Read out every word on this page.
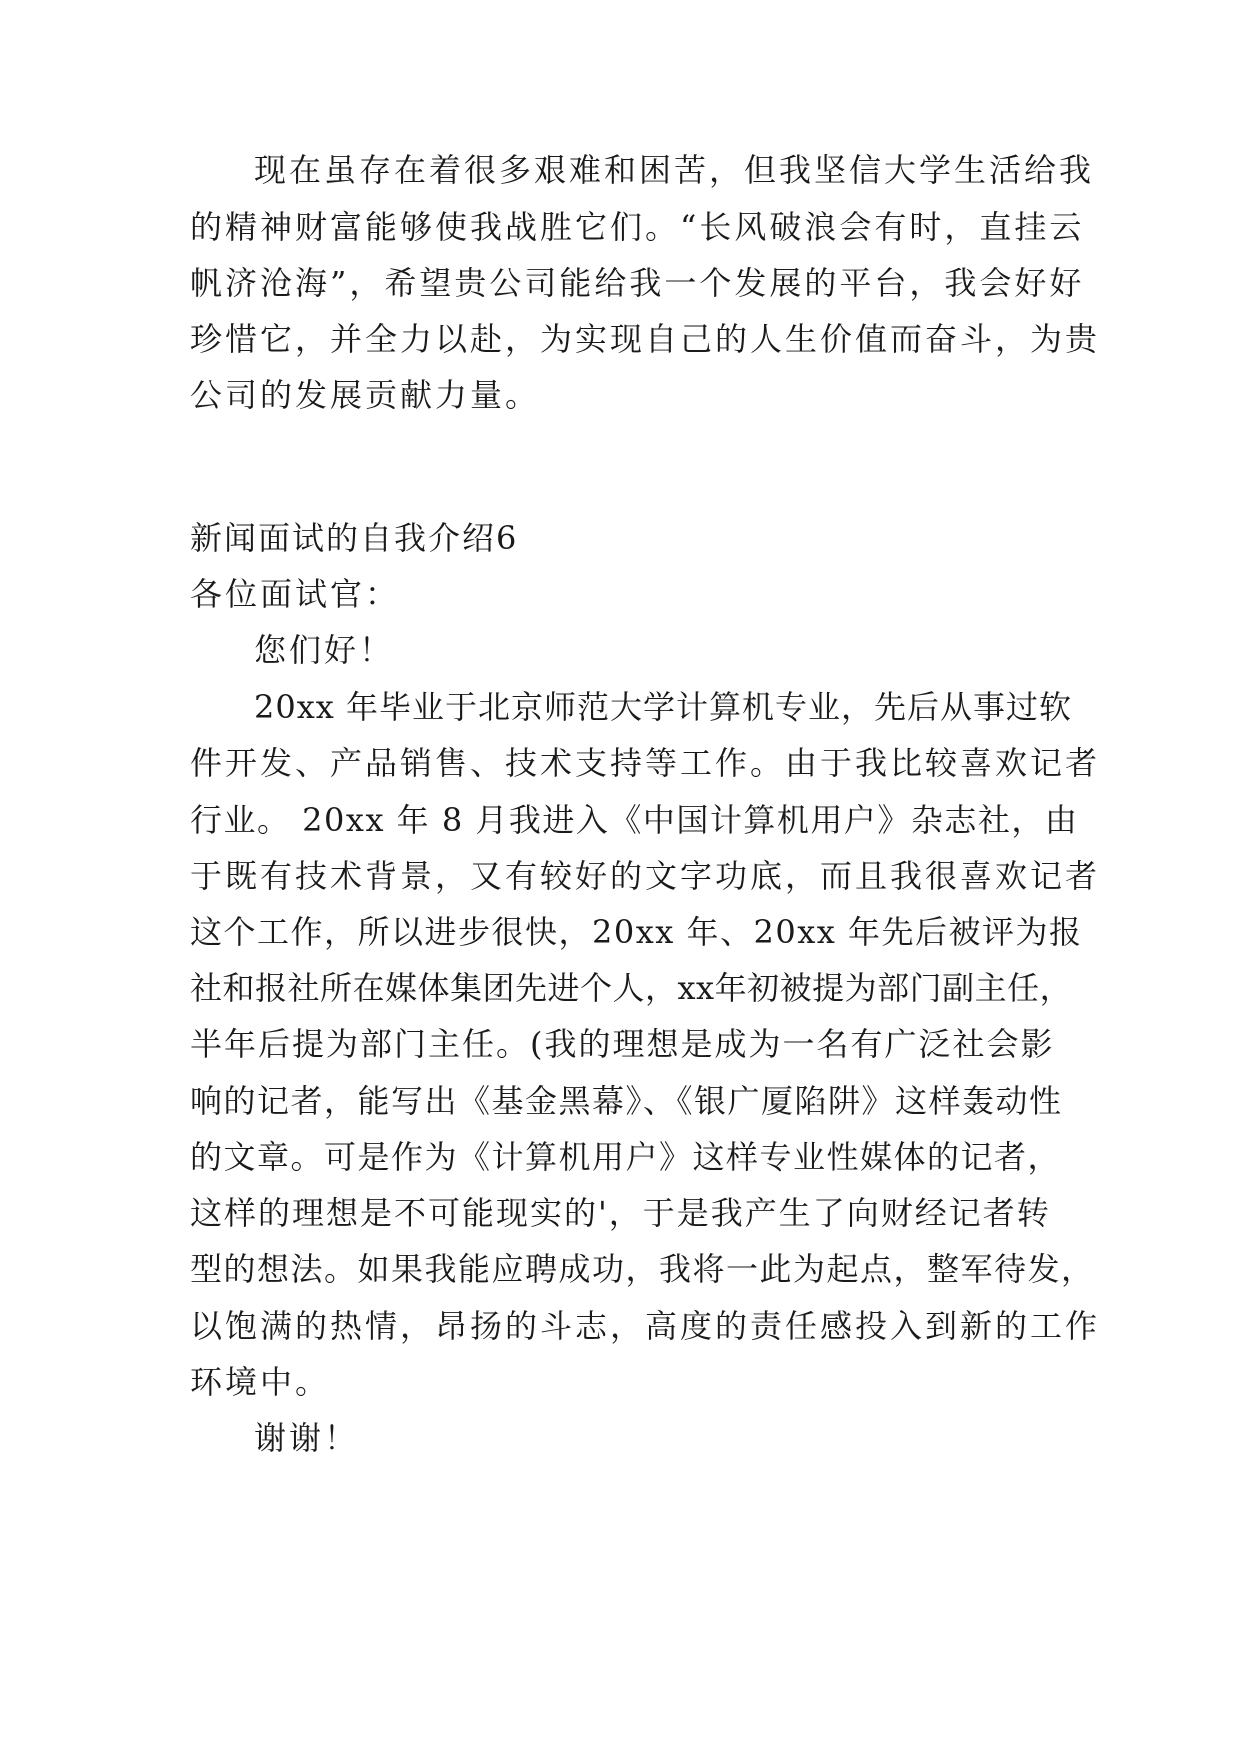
现在虽存在着很多艰难和困苦，但我坚信大学生活给我
的精神财富能够使我战胜它们。“长风破浪会有时，直挂云
帆济沧海”，希望贵公司能给我一个发展的平台，我会好好
珍惜它，并全力以赴，为实现自己的人生价值而奋斗，为贵
公司的发展贡献力量。
新闻面试的自我介绍6
各位面试官：
您们好！
20xx 年毕业于北京师范大学计算机专业，先后从事过软
件开发、产品销售、技术支持等工作。由于我比较喜欢记者
行业。 20xx 年 8 月我进入《中国计算机用户》杂志社，由
于既有技术背景，又有较好的文字功底，而且我很喜欢记者
这个工作，所以进步很快，20xx 年、20xx 年先后被评为报
社和报社所在媒体集团先进个人，xx年初被提为部门副主任，
半年后提为部门主任。(我的理想是成为一名有广泛社会影
响的记者，能写出《基金黑幕》、《银广厦陷阱》这样轰动性
的文章。可是作为《计算机用户》这样专业性媒体的记者，
这样的理想是不可能现实的'，于是我产生了向财经记者转
型的想法。如果我能应聘成功，我将一此为起点，整军待发，
以饱满的热情，昂扬的斗志，高度的责任感投入到新的工作
环境中。
谢谢！
